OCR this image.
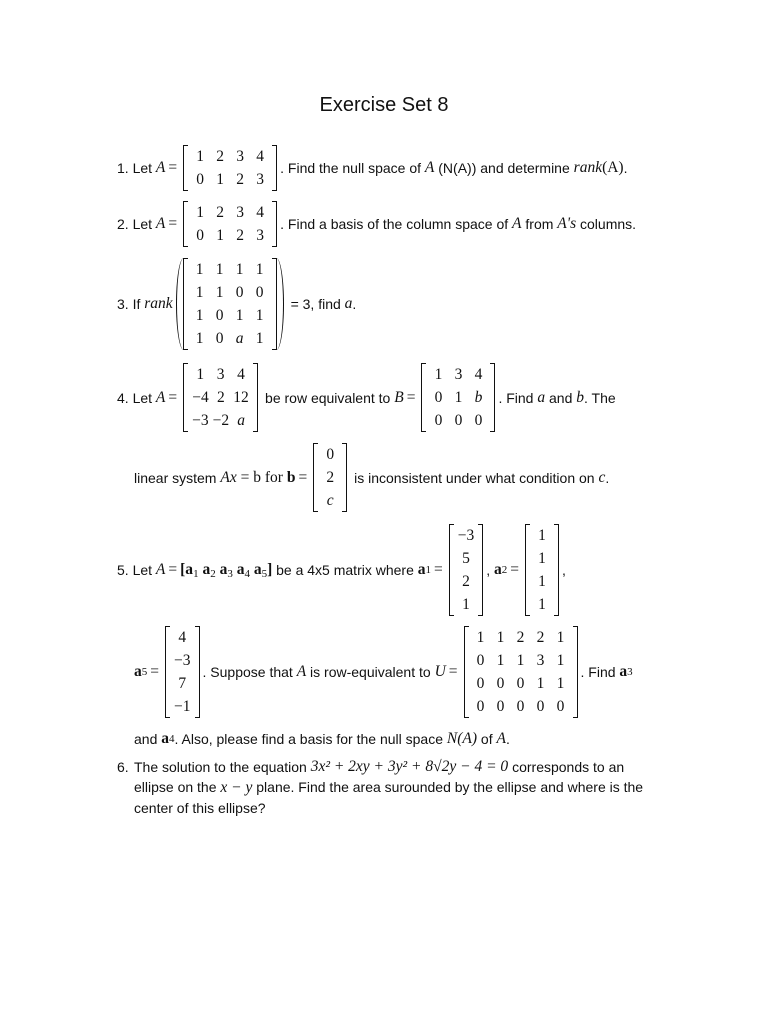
Exercise Set 8
1. Let
A =
1 2 3 4
0 1 2 3
. Find the null space of
A
(N(A)) and determine
rank (A) .
2. Let
A =
1 2 3 4
0 1 2 3
. Find a basis of the column space of
A
from
A's
columns.
3. If
rank
1 1 1 1
1 1 0 0
1 0 1 1
1 0 a 1

= 3, find
a .
4. Let
A =
1 3 4
−4 2 12
−3 −2 a

be row equivalent to
B =
1 3 4
0 1 b
0 0 0
. Find
a
and
b . The
linear system
Ax
= b for
b =
0
2
c

is inconsistent under what condition on
c .
5. Let
$A = [a_1$ $a_2$ $a_3$ $a_4$ $a_5$]
be a 4x5 matrix where
a 1 =
−3
5
2
1
, a 2 =
1
1
1
1
,
a 5 =
4
−3
7
−1
. Suppose that
A
is row-equivalent to
U =
1 1 2 2 1
0 1 1 3 1
0 0 0 1 1
0 0 0 0 0
. Find
a 3
and
a 4 . Also, please find a basis for the null space
N(A)
of
A .
6. The solution to the equation
3x² + 2xy + 3y² + 8√2y − 4 = 0
corresponds to an
ellipse on the x − y plane. Find the area surounded by the ellipse and where is the
center of this ellipse?
